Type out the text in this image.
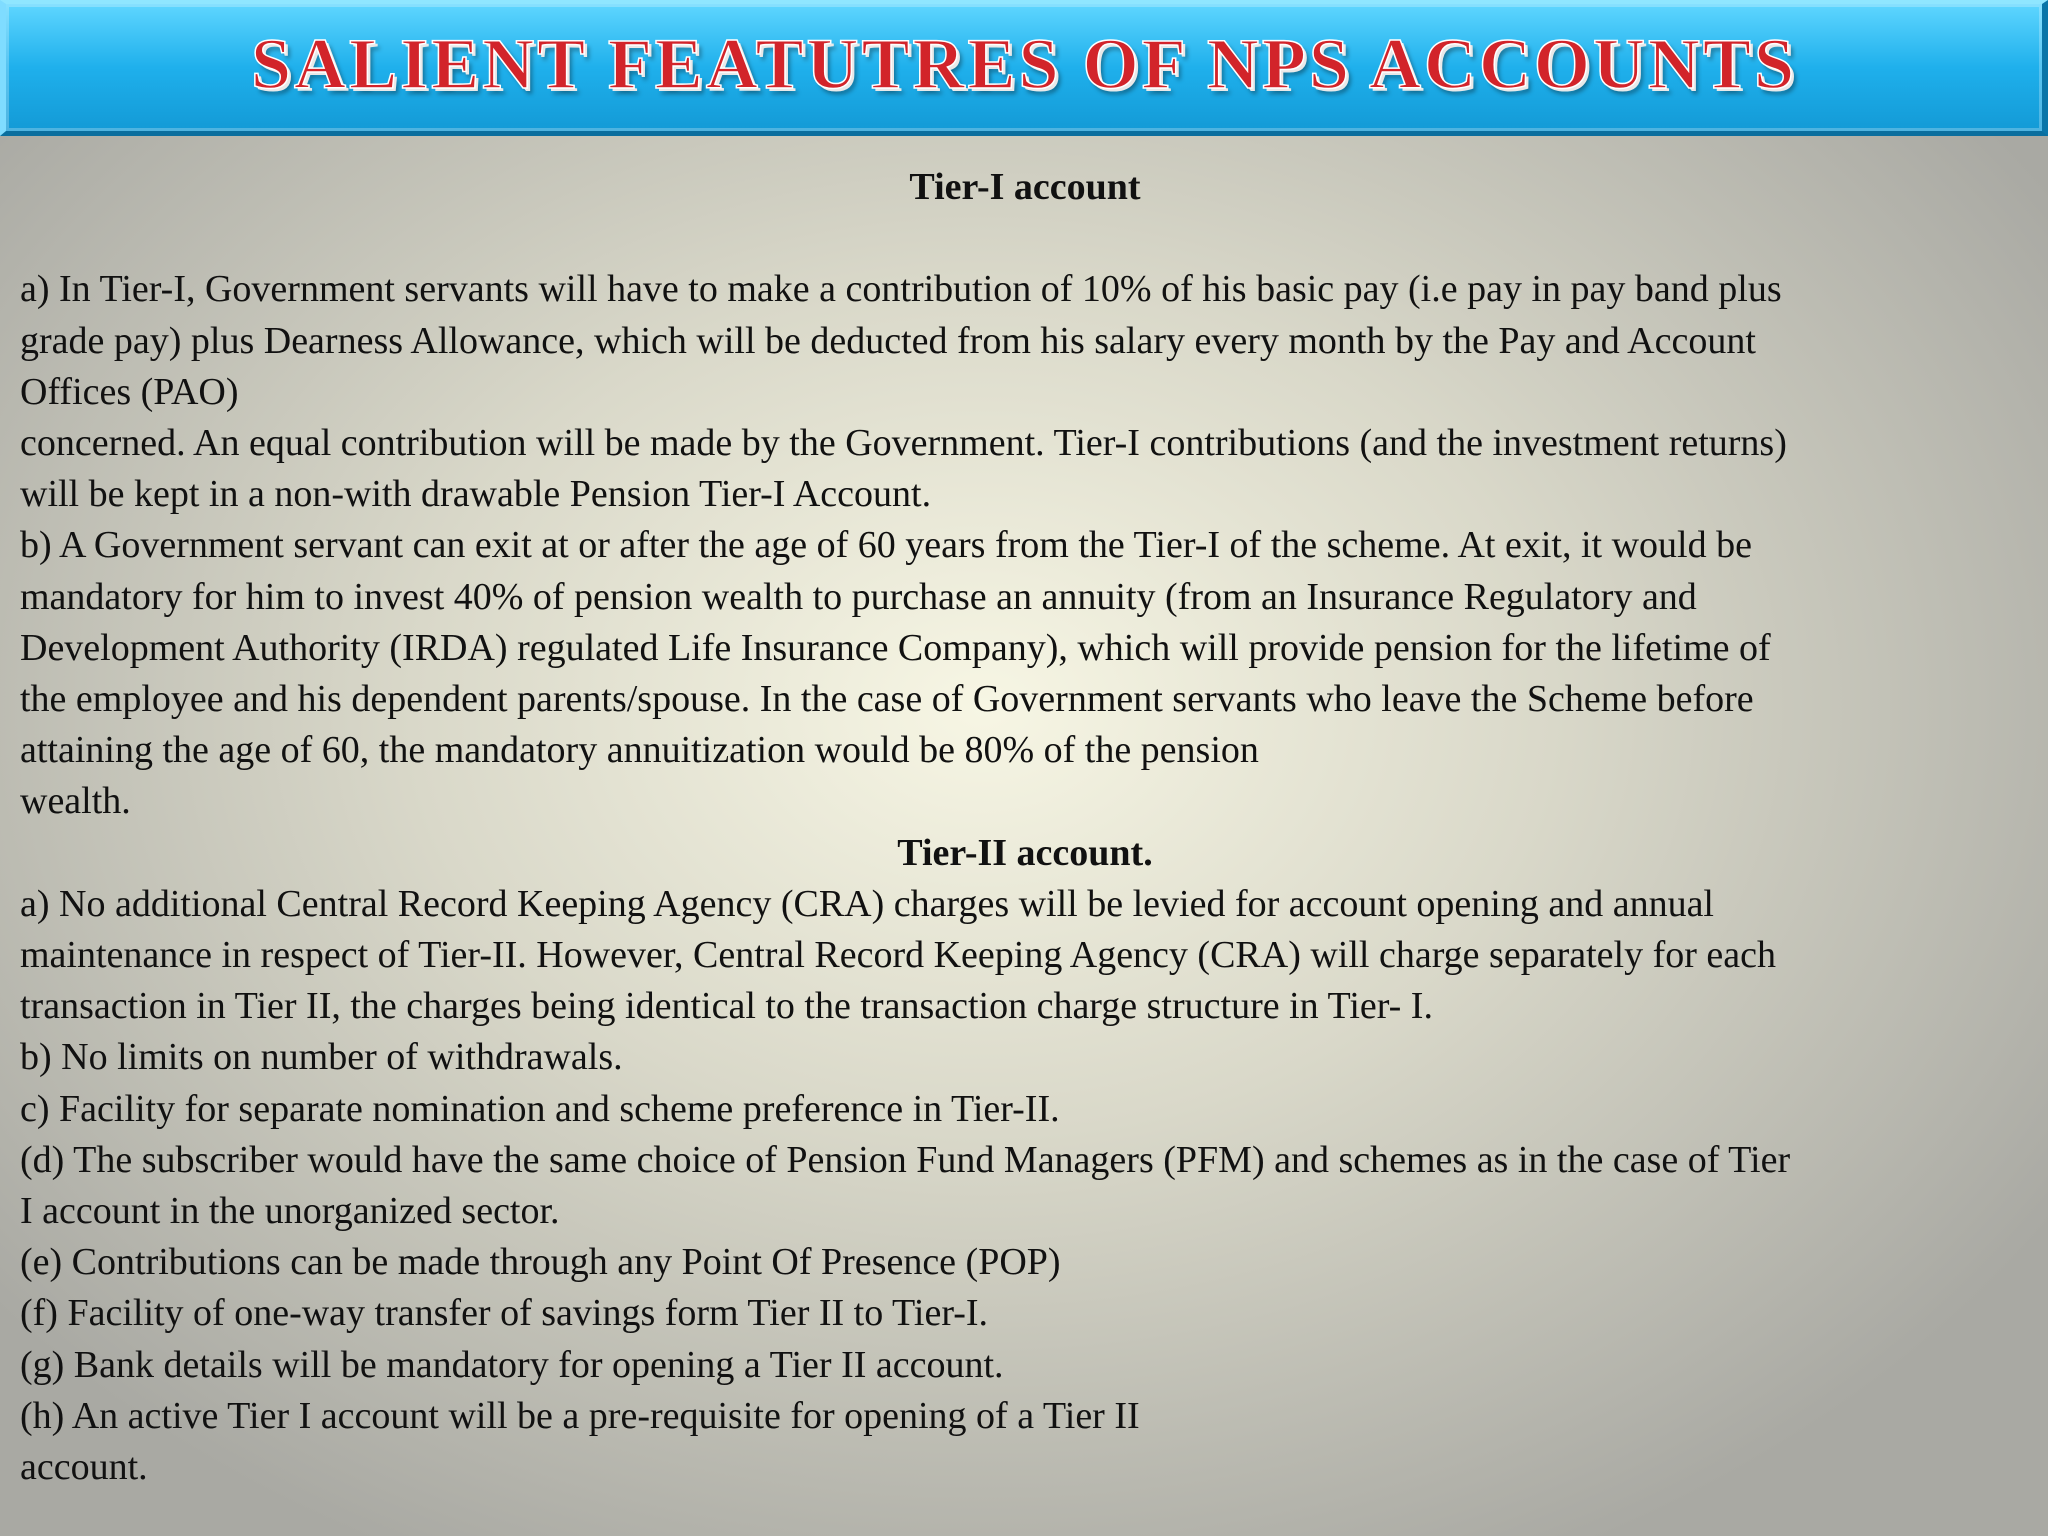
SALIENT FEATUTRES OF NPS ACCOUNTS

Tier-I account

a) In Tier-I, Government servants will have to make a contribution of 10% of his basic pay (i.e pay in pay band plus

grade pay) plus Dearness Allowance, which will be deducted from his salary every month by the Pay and Account

Offices (PAO)

concerned. An equal contribution will be made by the Government. Tier-I contributions (and the investment returns)

will be kept in a non-with drawable Pension Tier-I Account.

b) A Government servant can exit at or after the age of 60 years from the Tier-I of the scheme. At exit, it would be

mandatory for him to invest 40% of pension wealth to purchase an annuity (from an Insurance Regulatory and

Development Authority (IRDA) regulated Life Insurance Company), which will provide pension for the lifetime of

the employee and his dependent parents/spouse. In the case of Government servants who leave the Scheme before

attaining the age of 60, the mandatory annuitization would be 80% of the pension

wealth.

Tier-II account.

a) No additional Central Record Keeping Agency (CRA) charges will be levied for account opening and annual

maintenance in respect of Tier-II. However, Central Record Keeping Agency (CRA) will charge separately for each

transaction in Tier II, the charges being identical to the transaction charge structure in Tier- I.

b) No limits on number of withdrawals.

c) Facility for separate nomination and scheme preference in Tier-II.

(d) The subscriber would have the same choice of Pension Fund Managers (PFM) and schemes as in the case of Tier

I account in the unorganized sector.

(e) Contributions can be made through any Point Of Presence (POP)

(f) Facility of one-way transfer of savings form Tier II to Tier-I.

(g) Bank details will be mandatory for opening a Tier II account.

(h) An active Tier I account will be a pre-requisite for opening of a Tier II

account.
